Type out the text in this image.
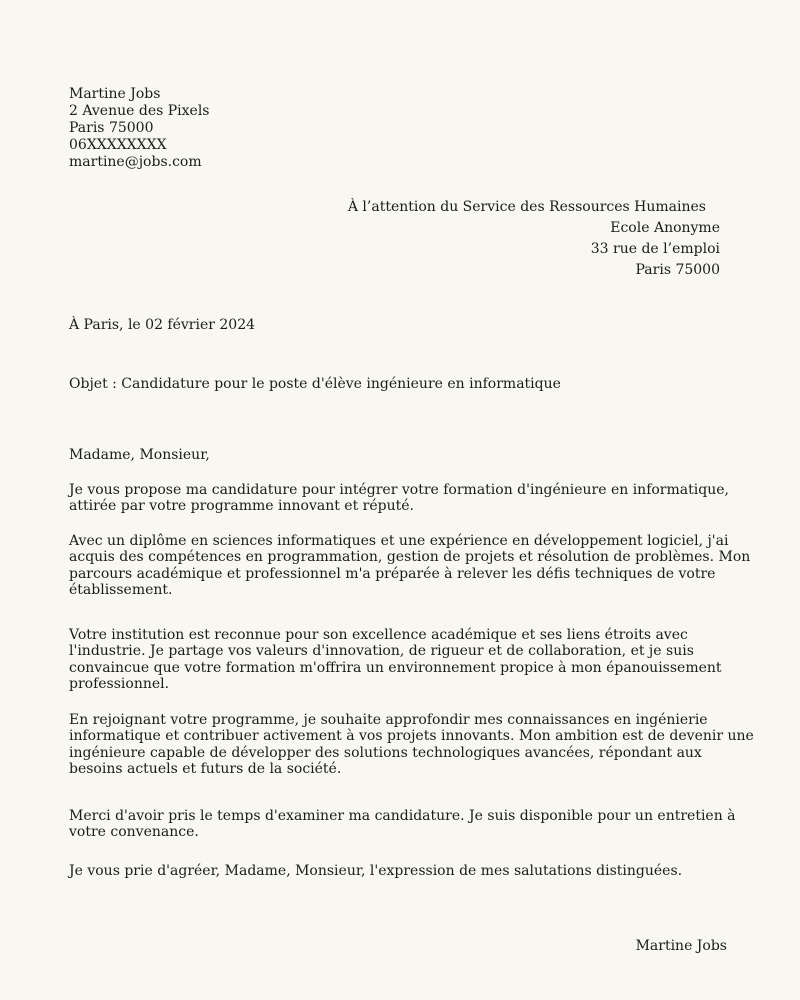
Martine Jobs
2 Avenue des Pixels
Paris 75000
06XXXXXXXX
martine@jobs.com
À l’attention du Service des Ressources Humaines
Ecole Anonyme
33 rue de l’emploi
Paris 75000
À Paris, le 02 février 2024
Objet : Candidature pour le poste d'élève ingénieure en informatique
Madame, Monsieur,

Je vous propose ma candidature pour intégrer votre formation d'ingénieure en informatique, attirée par votre programme innovant et réputé.

Avec un diplôme en sciences informatiques et une expérience en développement logiciel, j'ai acquis des compétences en programmation, gestion de projets et résolution de problèmes. Mon parcours académique et professionnel m'a préparée à relever les défis techniques de votre établissement.

Votre institution est reconnue pour son excellence académique et ses liens étroits avec l'industrie. Je partage vos valeurs d'innovation, de rigueur et de collaboration, et je suis convaincue que votre formation m'offrira un environnement propice à mon épanouissement professionnel.

En rejoignant votre programme, je souhaite approfondir mes connaissances en ingénierie informatique et contribuer activement à vos projets innovants. Mon ambition est de devenir une ingénieure capable de développer des solutions technologiques avancées, répondant aux besoins actuels et futurs de la société.

Merci d'avoir pris le temps d'examiner ma candidature. Je suis disponible pour un entretien à votre convenance.

Je vous prie d'agréer, Madame, Monsieur, l'expression de mes salutations distinguées.

Martine Jobs
